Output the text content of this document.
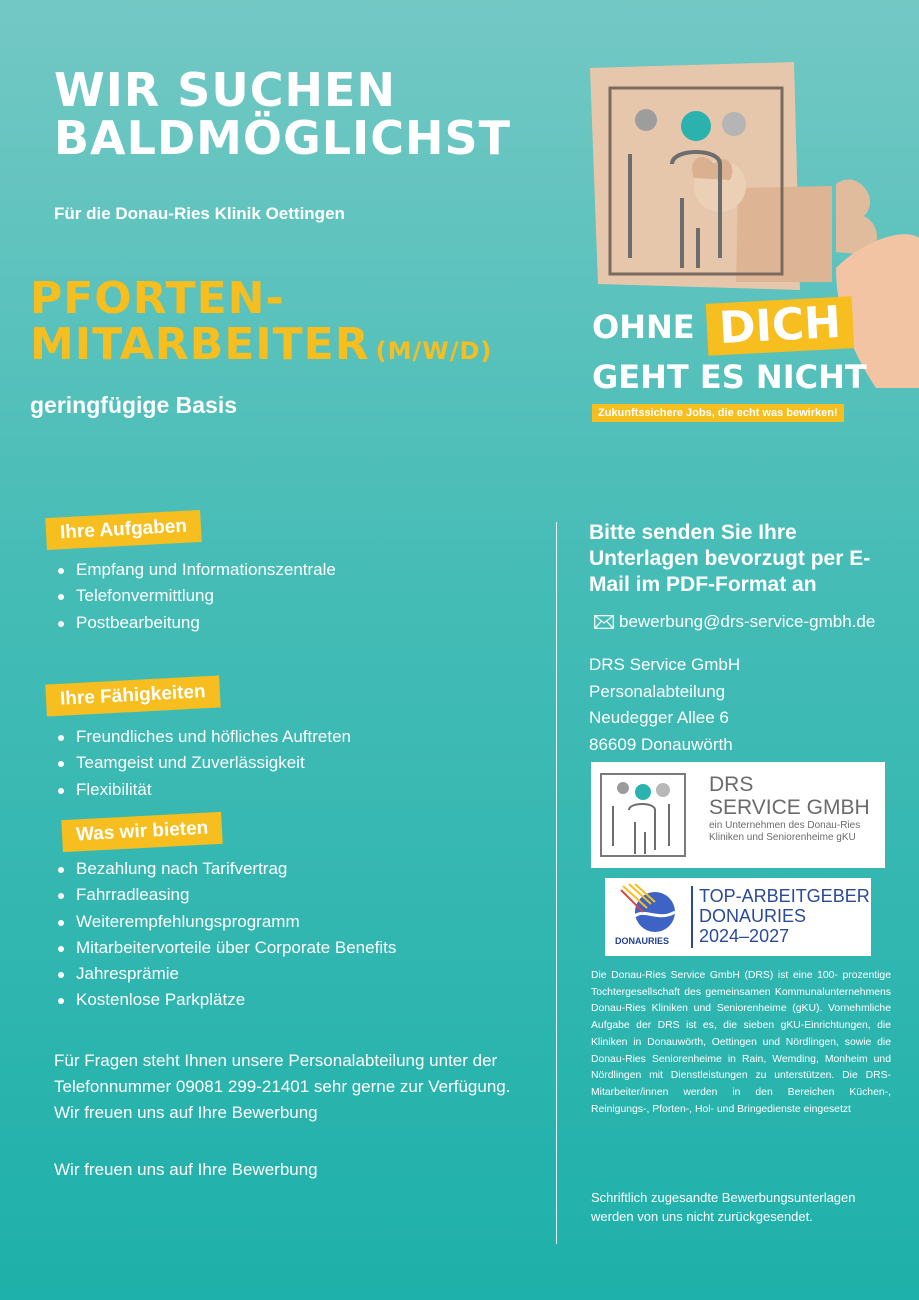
WIR SUCHEN
BALDMÖGLICHST
Für die Donau-Ries Klinik Oettingen
PFORTEN-
MITARBEITER (M/W/D)
geringfügige Basis
OHNE DICH
GEHT ES NICHT
Zukunftssichere Jobs, die echt was bewirken!
Ihre Aufgaben
Empfang und Informationszentrale
Telefonvermittlung
Postbearbeitung
Ihre Fähigkeiten
Freundliches und höfliches Auftreten
Teamgeist und Zuverlässigkeit
Flexibilität
Was wir bieten
Bezahlung nach Tarifvertrag
Fahrradleasing
Weiterempfehlungsprogramm
Mitarbeitervorteile über Corporate Benefits
Jahresprämie
Kostenlose Parkplätze
Für Fragen steht Ihnen unsere Personalabteilung unter der Telefonnummer 09081 299-21401 sehr gerne zur Verfügung. Wir freuen uns auf Ihre Bewerbung
Wir freuen uns auf Ihre Bewerbung
Bitte senden Sie Ihre Unterlagen bevorzugt per E-Mail im PDF-Format an
bewerbung@drs-service-gmbh.de
DRS Service GmbH
Personalabteilung
Neudegger Allee 6
86609 Donauwörth
DRS
SERVICE GMBH
ein Unternehmen des Donau-Ries
Kliniken und Seniorenheime gKU
DONAURIES
TOP-ARBEITGEBER
DONAURIES
2024–2027
Die Donau-Ries Service GmbH (DRS) ist eine 100- prozentige Tochtergesellschaft des gemeinsamen Kommunalunternehmens Donau-Ries Kliniken und Seniorenheime (gKU). Vornehmliche Aufgabe der DRS ist es, die sieben gKU-Einrichtungen, die Kliniken in Donauwörth, Oettingen und Nördlingen, sowie die Donau-Ries Seniorenheime in Rain, Wemding, Monheim und Nördlingen mit Dienstleistungen zu unterstützen. Die DRS-Mitarbeiter/innen werden in den Bereichen Küchen-, Reinigungs-, Pforten-, Hol- und Bringedienste eingesetzt
Schriftlich zugesandte Bewerbungsunterlagen werden von uns nicht zurückgesendet.
